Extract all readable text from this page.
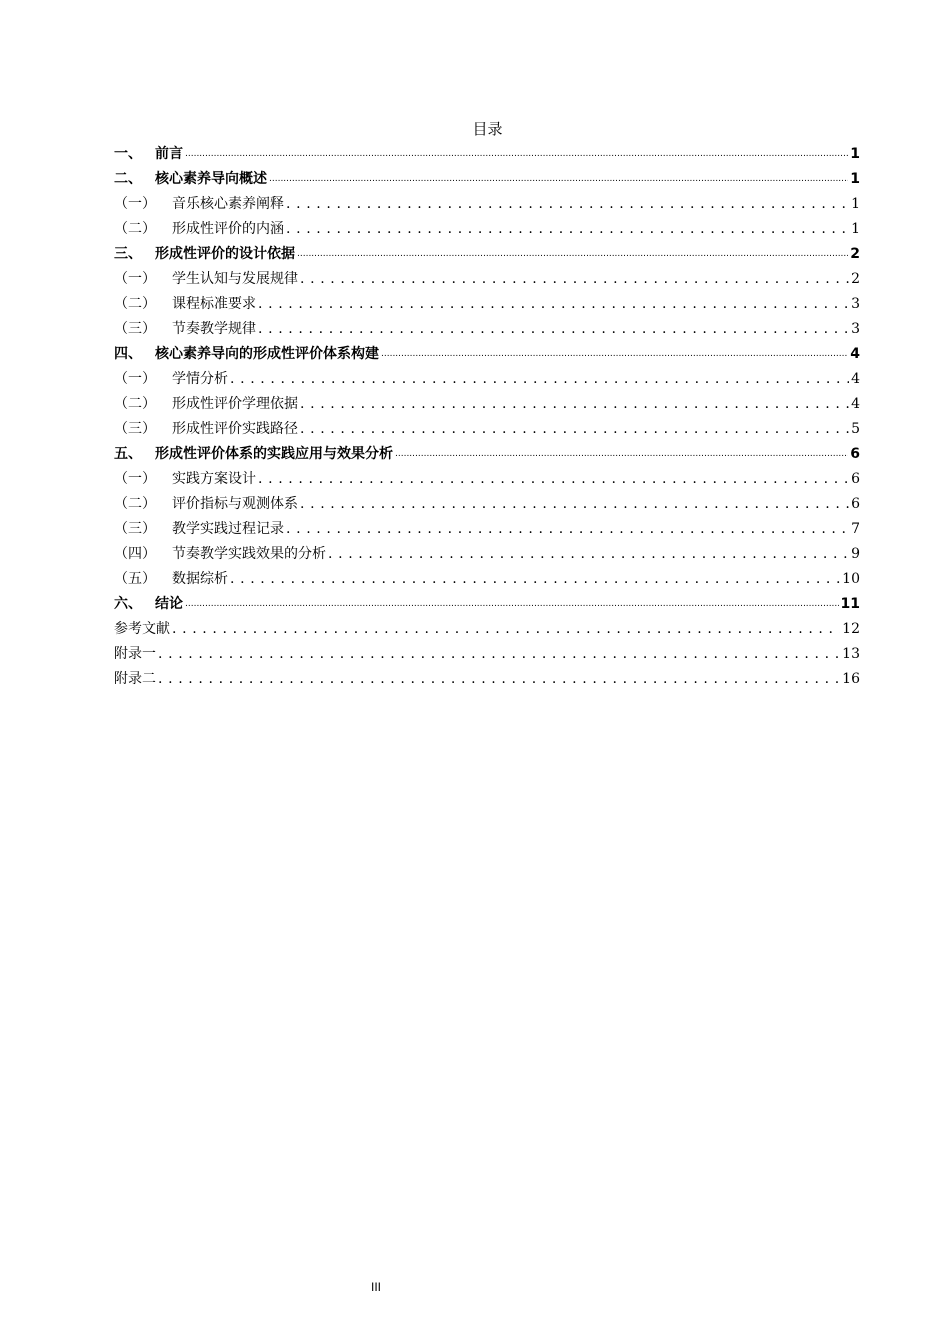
目录
一、 前言 .....	1
二、 核心素养导向概述 .....	1
（一）	音乐核心素养阐释 . . .	1
（二）	形成性评价的内涵 . . .	1
三、 形成性评价的设计依据 .....	2
（一）	学生认知与发展规律 . . .	2
（二）	课程标准要求 . . .	3
（三）	节奏教学规律 . . .	3
四、 核心素养导向的形成性评价体系构建 .....	4
（一）	学情分析 . . .	4
（二）	形成性评价学理依据 . . .	4
（三）	形成性评价实践路径 . . .	5
五、 形成性评价体系的实践应用与效果分析 .....	6
（一）	实践方案设计 . . .	6
（二）	评价指标与观测体系 . . .	6
（三）	教学实践过程记录 . . .	7
（四）	节奏教学实践效果的分析 . . .	9
（五）	数据综析 . . .	10
六、 结论 .....	11
参考文献 . . .	12
附录一 . . .	13
附录二 . . .	16
III
